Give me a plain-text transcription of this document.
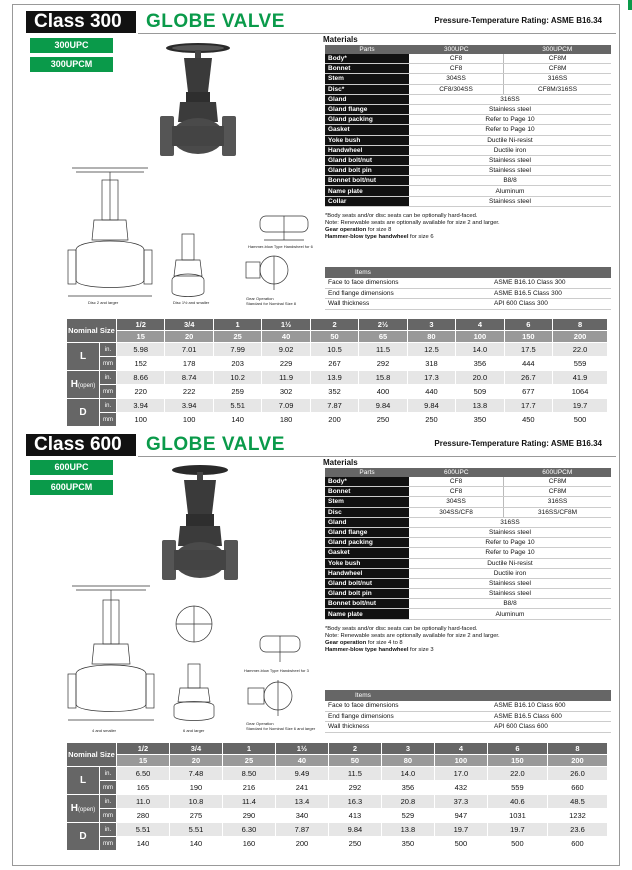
Class 300	GLOBE VALVE	Pressure-Temperature Rating: ASME B16.34
300UPC
300UPCM
Disc 2 and larger	Disc 1½ and smaller
Hammer-blow Type Handwheel for 6
Gear Operation
Standard for Nominal Size 8
Materials
Parts	300UPC	300UPCM
Body*	CF8	CF8M
Bonnet	CF8	CF8M
Stem	304SS	316SS
Disc*	CF8/304SS	CF8M/316SS
Gland	316SS	
Gland flange	Stainless steel	
Gland packing	Refer to Page 10	
Gasket	Refer to Page 10	
Yoke bush	Ductile Ni-resist	
Handwheel	Ductile iron	
Gland bolt/nut	Stainless steel	
Gland bolt pin	Stainless steel	
Bonnet bolt/nut	B8/8	
Name plate	Aluminum	
Collar	Stainless steel	
*Body seats and/or disc seats can be optionally hard-faced.
Note: Renewable seats are optionally available for size 2 and larger.
Gear operation for size 8
Hammer-blow type handwheel for size 6
Items	
Face to face dimensions	ASME B16.10 Class 300
End flange dimensions	ASME B16.5 Class 300
Wall thickness	API 600 Class 300
Nominal Size		1/2	3/4	1	1½	2	2½	3	4	6	8
		15	20	25	40	50	65	80	100	150	200
L	in.	5.98	7.01	7.99	9.02	10.5	11.5	12.5	14.0	17.5	22.0
	mm	152	178	203	229	267	292	318	356	444	559
H(open)	in.	8.66	8.74	10.2	11.9	13.9	15.8	17.3	20.0	26.7	41.9
	mm	220	222	259	302	352	400	440	509	677	1064
D	in.	3.94	3.94	5.51	7.09	7.87	9.84	9.84	13.8	17.7	19.7
	mm	100	100	140	180	200	250	250	350	450	500
Class 600	GLOBE VALVE	Pressure-Temperature Rating: ASME B16.34
600UPC
600UPCM
4 and smaller	6 and larger
Hammer-blow Type Handwheel for 3
Gear Operation
Standard for Nominal Size 6 and larger
Materials
Parts	600UPC	600UPCM
Body*	CF8	CF8M
Bonnet	CF8	CF8M
Stem	304SS	316SS
Disc	304SS/CF8	316SS/CF8M
Gland	316SS	
Gland flange	Stainless steel	
Gland packing	Refer to Page 10	
Gasket	Refer to Page 10	
Yoke bush	Ductile Ni-resist	
Handwheel	Ductile iron	
Gland bolt/nut	Stainless steel	
Gland bolt pin	Stainless steel	
Bonnet bolt/nut	B8/8	
Name plate	Aluminum	
*Body seats and/or disc seats can be optionally hard-faced.
Note: Renewable seats are optionally available for size 2 and larger.
Gear operation for size 4 to 8
Hammer-blow type handwheel for size 3
Items	
Face to face dimensions	ASME B16.10 Class 600
End flange dimensions	ASME B16.5 Class 600
Wall thickness	API 600 Class 600
Nominal Size		1/2	3/4	1	1½	2	3	4	6	8
		15	20	25	40	50	80	100	150	200
L	in.	6.50	7.48	8.50	9.49	11.5	14.0	17.0	22.0	26.0
	mm	165	190	216	241	292	356	432	559	660
H(open)	in.	11.0	10.8	11.4	13.4	16.3	20.8	37.3	40.6	48.5
	mm	280	275	290	340	413	529	947	1031	1232
D	in.	5.51	5.51	6.30	7.87	9.84	13.8	19.7	19.7	23.6
	mm	140	140	160	200	250	350	500	500	600
